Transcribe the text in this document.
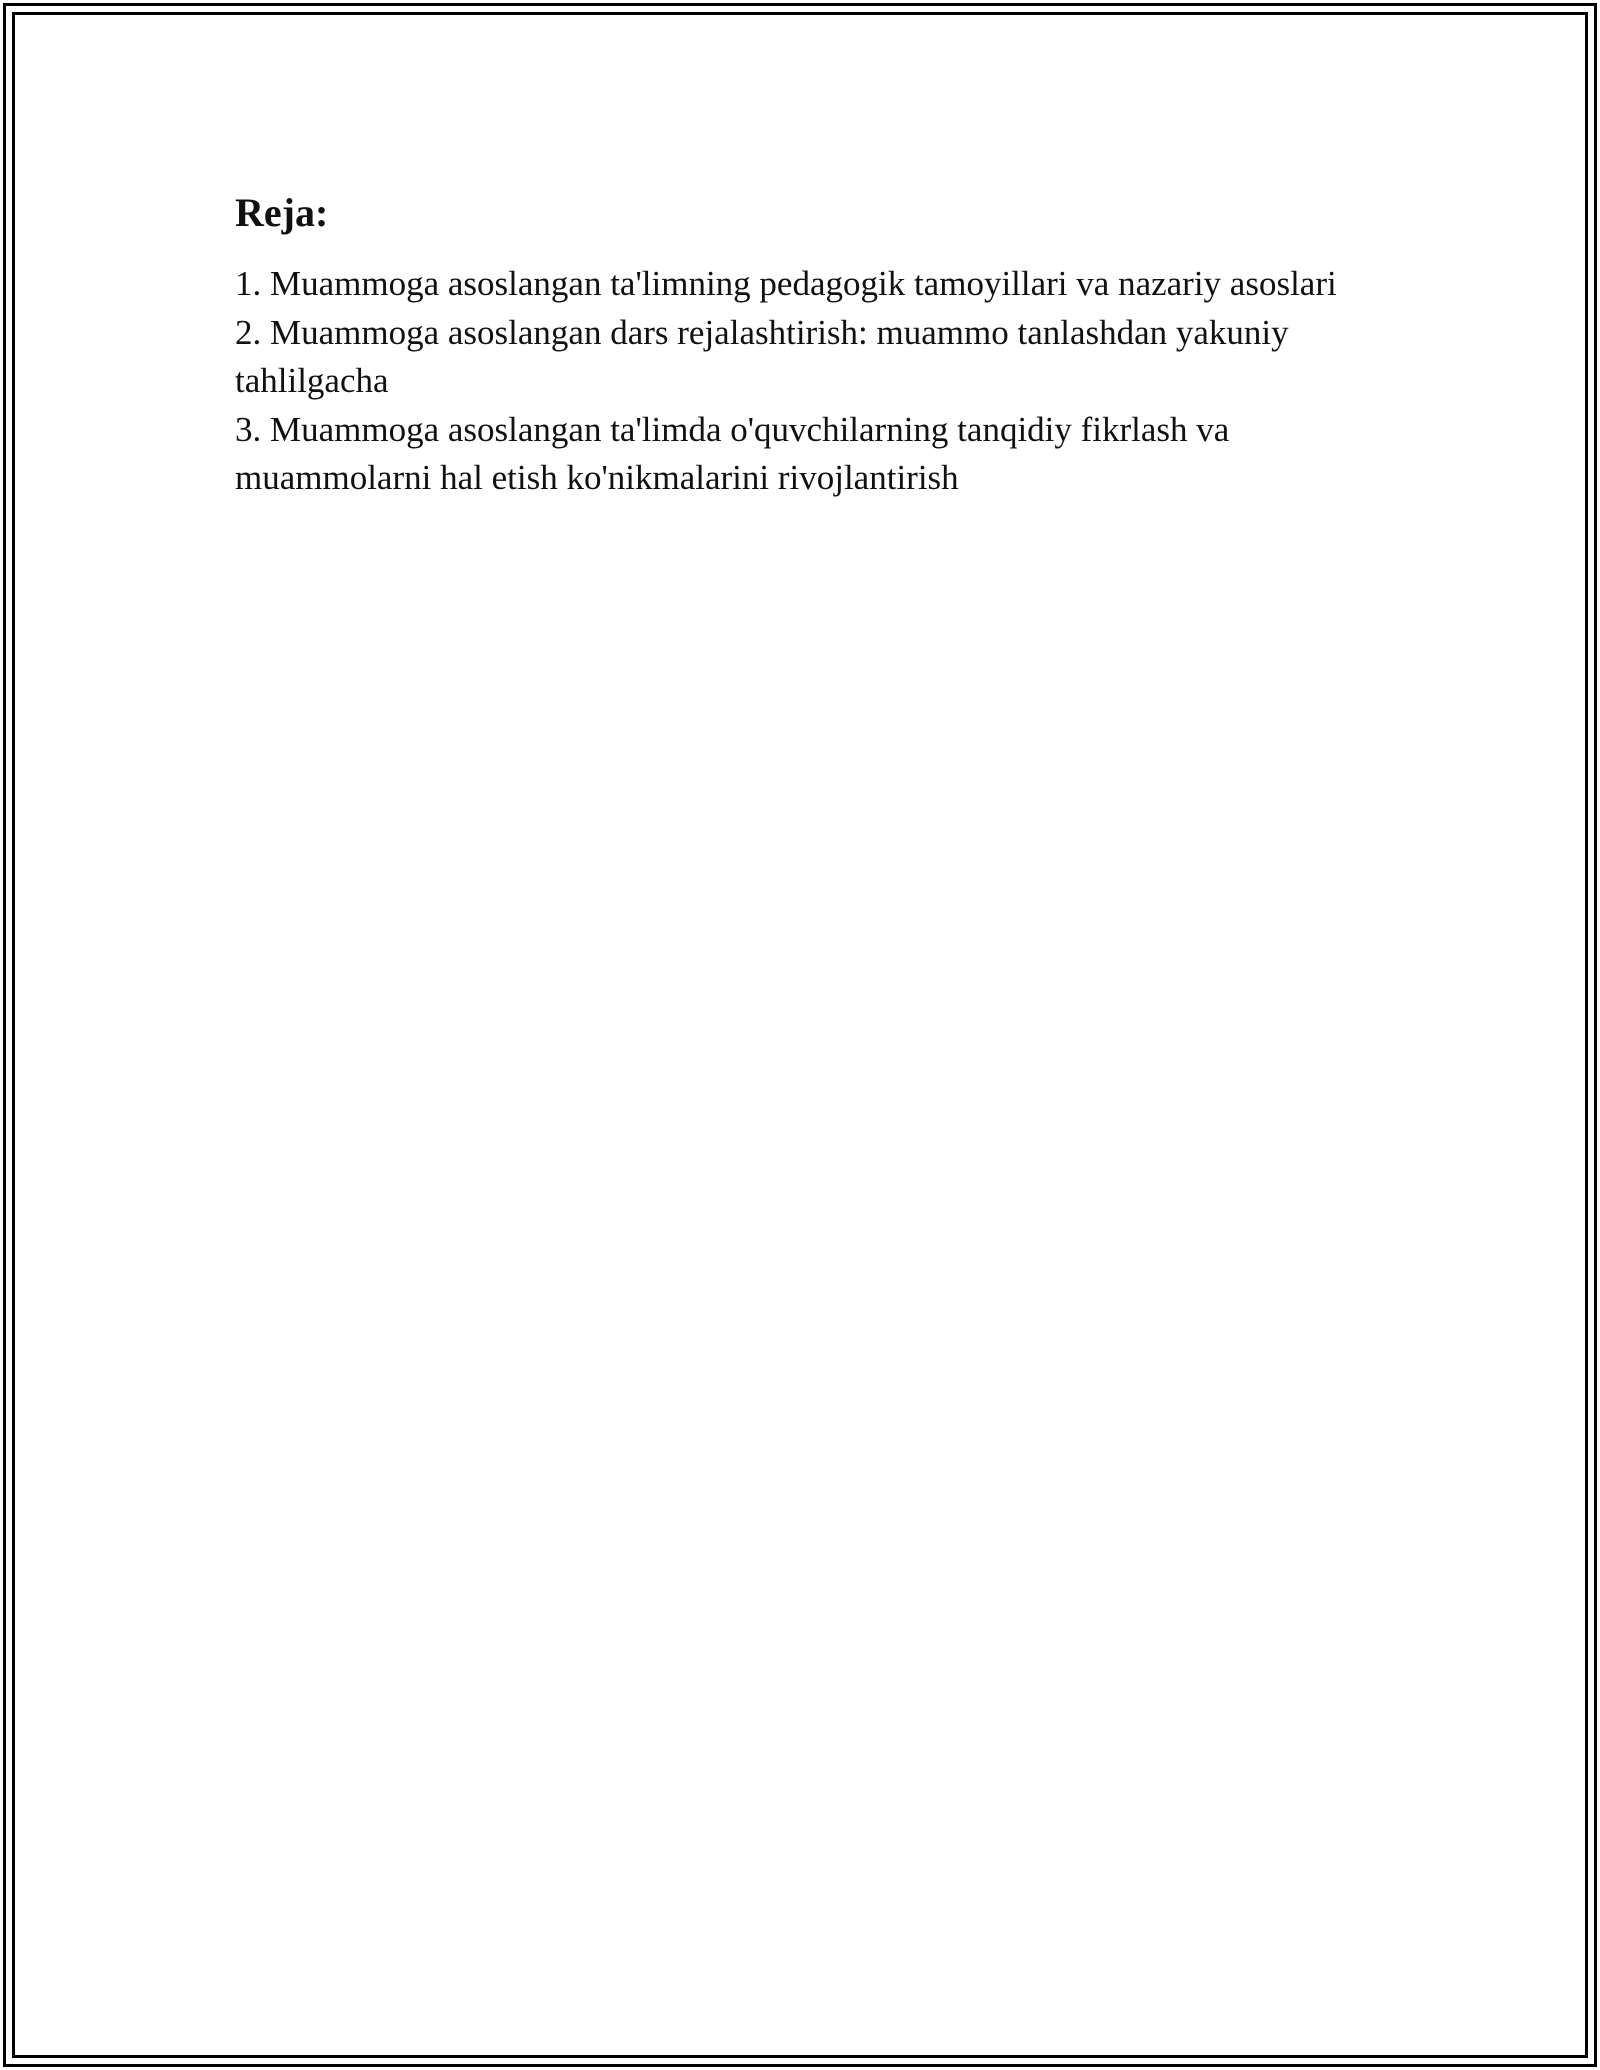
Reja:
1. Muammoga asoslangan ta'limning pedagogik tamoyillari va nazariy asoslari
2. Muammoga asoslangan dars rejalashtirish: muammo tanlashdan yakuniy tahlilgacha
3. Muammoga asoslangan ta'limda o'quvchilarning tanqidiy fikrlash va muammolarni hal etish ko'nikmalarini rivojlantirish
